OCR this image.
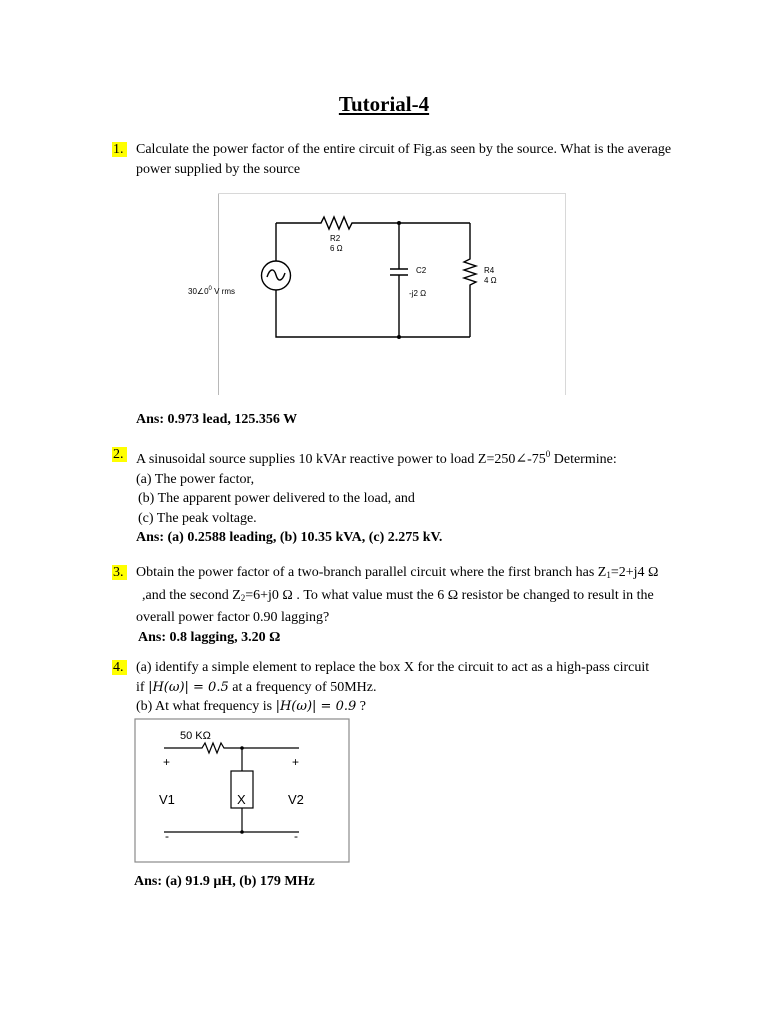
Tutorial-4
1. Calculate the power factor of the entire circuit of Fig.as seen by the source. What is the average
power supplied by the source
R2
6 Ω
C2
-j2 Ω
R4
4 Ω
$30\angle 0^0$ V rms
Ans: 0.973 lead, 125.356 W
2. A sinusoidal source supplies 10 kVAr reactive power to load $Z=250\angle-75^0$ Determine:
(a) The power factor,
(b) The apparent power delivered to the load, and
(c) The peak voltage.
Ans: (a) 0.2588 leading, (b) 10.35 kVA, (c) 2.275 kV.
3. Obtain the power factor of a two-branch parallel circuit where the first branch has $Z_1=2+j4$ Ω
,and the second $Z_2=6+j0$ Ω . To what value must the 6 Ω resistor be changed to result in the
overall power factor 0.90 lagging?
Ans: 0.8 lagging, 3.20 Ω
4. (a) identify a simple element to replace the box X for the circuit to act as a high-pass circuit
if |H(ω)| = 0.5 at a frequency of 50MHz.
(b) At what frequency is |H(ω)| = 0.9 ?
50 KΩ
+	+
V1	X	V2
-	-
Ans: (a) 91.9 µH, (b) 179 MHz
